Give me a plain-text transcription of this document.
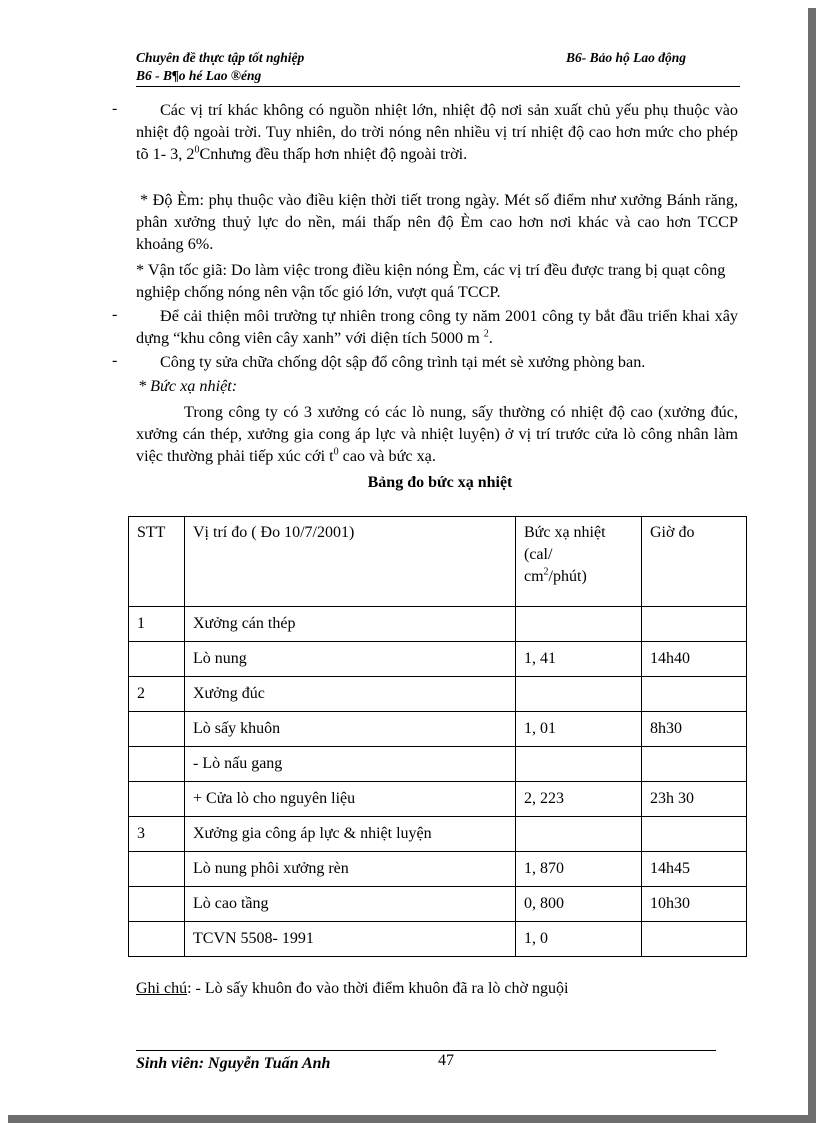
Chuyên đề thực tập tốt nghiệp	B6- Bảo hộ Lao động
B6 - B¶o hé Lao ®éng
-	Các vị trí khác không có nguồn nhiệt lớn, nhiệt độ nơi sản xuất chủ yếu phụ thuộc vào nhiệt độ ngoài trời. Tuy nhiên, do trời nóng nên nhiều vị trí nhiệt độ cao hơn mức cho phép tõ 1- 3, $2^0Cnhưng$ đều thấp hơn nhiệt độ ngoài trời.
* Độ Èm: phụ thuộc vào điều kiện thời tiết trong ngày. Mét số điểm như xưởng Bánh răng, phân xưởng thuỷ lực do nền, mái thấp nên độ Èm cao hơn nơi khác và cao hơn TCCP khoảng 6%.
* Vận tốc giã: Do làm việc trong điều kiện nóng Èm, các vị trí đều được trang bị quạt công nghiệp chống nóng nên vận tốc gió lớn, vượt quá TCCP.
-	Để cải thiện môi trường tự nhiên trong công ty năm 2001 công ty bắt đầu triển khai xây dựng “khu công viên cây xanh” với diện tích 5000 m $^2$.
-	Công ty sửa chữa chống dột sập đổ công trình tại mét sè xưởng phòng ban.
* Bức xạ nhiệt:
Trong công ty có 3 xưởng có các lò nung, sấy thường có nhiệt độ cao (xưởng đúc, xưởng cán thép, xưởng gia cong áp lực và nhiệt luyện) ở vị trí trước cửa lò công nhân làm việc thường phải tiếp xúc cới $t^0$ cao và bức xạ.
Bảng đo bức xạ nhiệt
STT	Vị trí đo ( Đo 10/7/2001)	Bức xạ nhiệt (cal/
$cm^2/phút$)	Giờ đo
1	Xưởng cán thép		
	Lò nung	1, 41	14h40
2	Xưởng đúc		
	Lò sấy khuôn	1, 01	8h30
	- Lò nấu gang		
	+ Cửa lò cho nguyên liệu	2, 223	23h 30
3	Xưởng gia công áp lực & nhiệt luyện		
	Lò nung phôi xưởng rèn	1, 870	14h45
	Lò cao tầng	0, 800	10h30
	TCVN 5508- 1991	1, 0	
Ghi chú: - Lò sấy khuôn đo vào thời điểm khuôn đã ra lò chờ nguội
Sinh viên: Nguyễn Tuấn Anh	47
